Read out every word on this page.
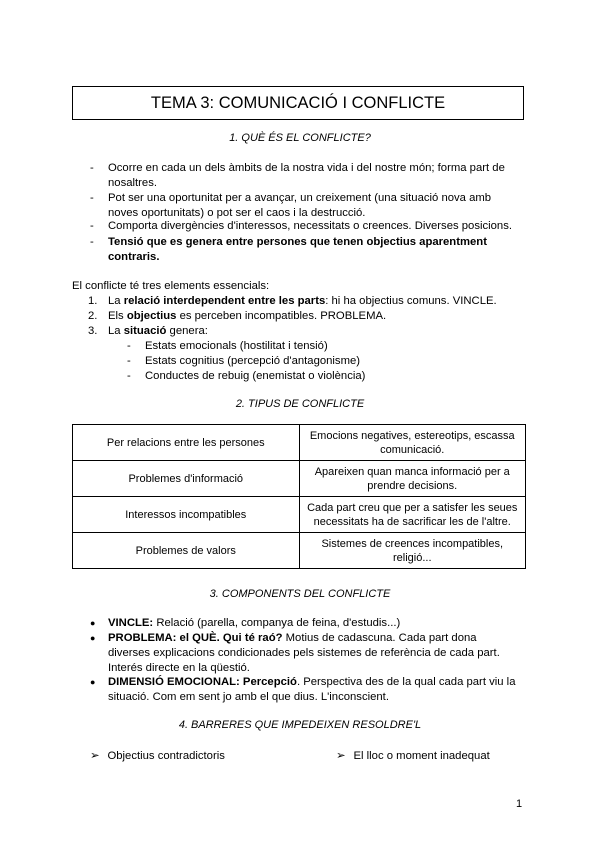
TEMA 3: COMUNICACIÓ I CONFLICTE
1. QUÈ ÉS EL CONFLICTE?
- Ocorre en cada un dels àmbits de la nostra vida i del nostre món; forma part de nosaltres.
- Pot ser una oportunitat per a avançar, un creixement (una situació nova amb noves oportunitats) o pot ser el caos i la destrucció.
- Comporta divergències d'interessos, necessitats o creences. Diverses posicions.
- Tensió que es genera entre persones que tenen objectius aparentment contraris.
El conflicte té tres elements essencials:
1. La relació interdependent entre les parts: hi ha objectius comuns. VINCLE.
2. Els objectius es perceben incompatibles. PROBLEMA.
3. La situació genera:
- Estats emocionals (hostilitat i tensió)
- Estats cognitius (percepció d'antagonisme)
- Conductes de rebuig (enemistat o violència)
2. TIPUS DE CONFLICTE
Per relacions entre les persones	Emocions negatives, estereotips, escassa comunicació.
Problemes d'informació	Apareixen quan manca informació per a prendre decisions.
Interessos incompatibles	Cada part creu que per a satisfer les seues necessitats ha de sacrificar les de l'altre.
Problemes de valors	Sistemes de creences incompatibles, religió...
3. COMPONENTS DEL CONFLICTE
● VINCLE: Relació (parella, companya de feina, d'estudis...)
● PROBLEMA: el QUÈ. Qui té raó? Motius de cadascuna. Cada part dona diverses explicacions condicionades pels sistemes de referència de cada part. Interés directe en la qüestió.
● DIMENSIÓ EMOCIONAL: Percepció. Perspectiva des de la qual cada part viu la situació. Com em sent jo amb el que dius. L'inconscient.
4. BARRERES QUE IMPEDEIXEN RESOLDRE'L
➢ Objectius contradictoris	➢ El lloc o moment inadequat
1
